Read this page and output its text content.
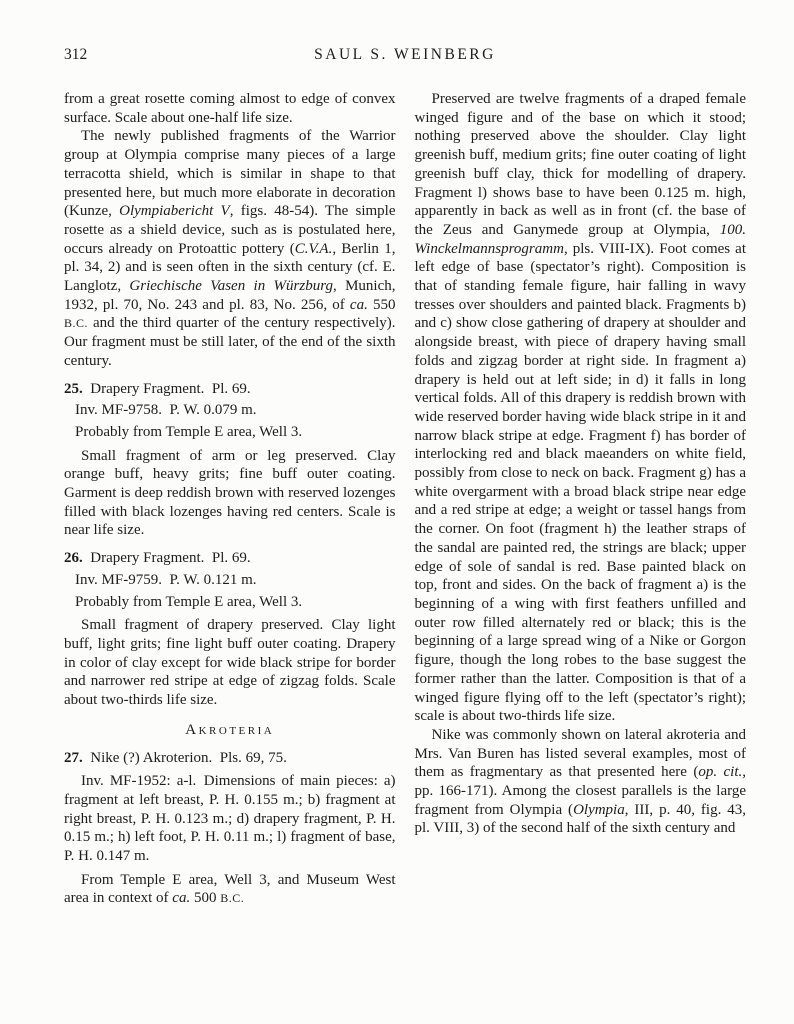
312	SAUL S. WEINBERG

from a great rosette coming almost to edge of convex surface. Scale about one-half life size.

The newly published fragments of the Warrior group at Olympia comprise many pieces of a large terracotta shield, which is similar in shape to that presented here, but much more elaborate in decoration (Kunze, Olympiabericht V, figs. 48-54). The simple rosette as a shield device, such as is postulated here, occurs already on Protoattic pottery (C.V.A., Berlin 1, pl. 34, 2) and is seen often in the sixth century (cf. E. Langlotz, Griechische Vasen in Würzburg, Munich, 1932, pl. 70, No. 243 and pl. 83, No. 256, of ca. 550 B.C. and the third quarter of the century respectively). Our fragment must be still later, of the end of the sixth century.

25. Drapery Fragment. Pl. 69.

Inv. MF-9758. P. W. 0.079 m.

Probably from Temple E area, Well 3.

Small fragment of arm or leg preserved. Clay orange buff, heavy grits; fine buff outer coating. Garment is deep reddish brown with reserved lozenges filled with black lozenges having red centers. Scale is near life size.

26. Drapery Fragment. Pl. 69.

Inv. MF-9759. P. W. 0.121 m.

Probably from Temple E area, Well 3.

Small fragment of drapery preserved. Clay light buff, light grits; fine light buff outer coating. Drapery in color of clay except for wide black stripe for border and narrower red stripe at edge of zigzag folds. Scale about two-thirds life size.

Akroteria

27. Nike (?) Akroterion. Pls. 69, 75.

Inv. MF-1952: a-l. Dimensions of main pieces: a) fragment at left breast, P. H. 0.155 m.; b) fragment at right breast, P. H. 0.123 m.; d) drapery fragment, P. H. 0.15 m.; h) left foot, P. H. 0.11 m.; l) fragment of base, P. H. 0.147 m.

From Temple E area, Well 3, and Museum West area in context of ca. 500 B.C.

Preserved are twelve fragments of a draped female winged figure and of the base on which it stood; nothing preserved above the shoulder. Clay light greenish buff, medium grits; fine outer coating of light greenish buff clay, thick for modelling of drapery. Fragment l) shows base to have been 0.125 m. high, apparently in back as well as in front (cf. the base of the Zeus and Ganymede group at Olympia, 100. Winckelmannsprogramm, pls. VIII-IX). Foot comes at left edge of base (spectator’s right). Composition is that of standing female figure, hair falling in wavy tresses over shoulders and painted black. Fragments b) and c) show close gathering of drapery at shoulder and alongside breast, with piece of drapery having small folds and zigzag border at right side. In fragment a) drapery is held out at left side; in d) it falls in long vertical folds. All of this drapery is reddish brown with wide reserved border having wide black stripe in it and narrow black stripe at edge. Fragment f) has border of interlocking red and black maeanders on white field, possibly from close to neck on back. Fragment g) has a white overgarment with a broad black stripe near edge and a red stripe at edge; a weight or tassel hangs from the corner. On foot (fragment h) the leather straps of the sandal are painted red, the strings are black; upper edge of sole of sandal is red. Base painted black on top, front and sides. On the back of fragment a) is the beginning of a wing with first feathers unfilled and outer row filled alternately red or black; this is the beginning of a large spread wing of a Nike or Gorgon figure, though the long robes to the base suggest the former rather than the latter. Composition is that of a winged figure flying off to the left (spectator’s right); scale is about two-thirds life size.

Nike was commonly shown on lateral akroteria and Mrs. Van Buren has listed several examples, most of them as fragmentary as that presented here (op. cit., pp. 166-171). Among the closest parallels is the large fragment from Olympia (Olympia, III, p. 40, fig. 43, pl. VIII, 3) of the second half of the sixth century and
